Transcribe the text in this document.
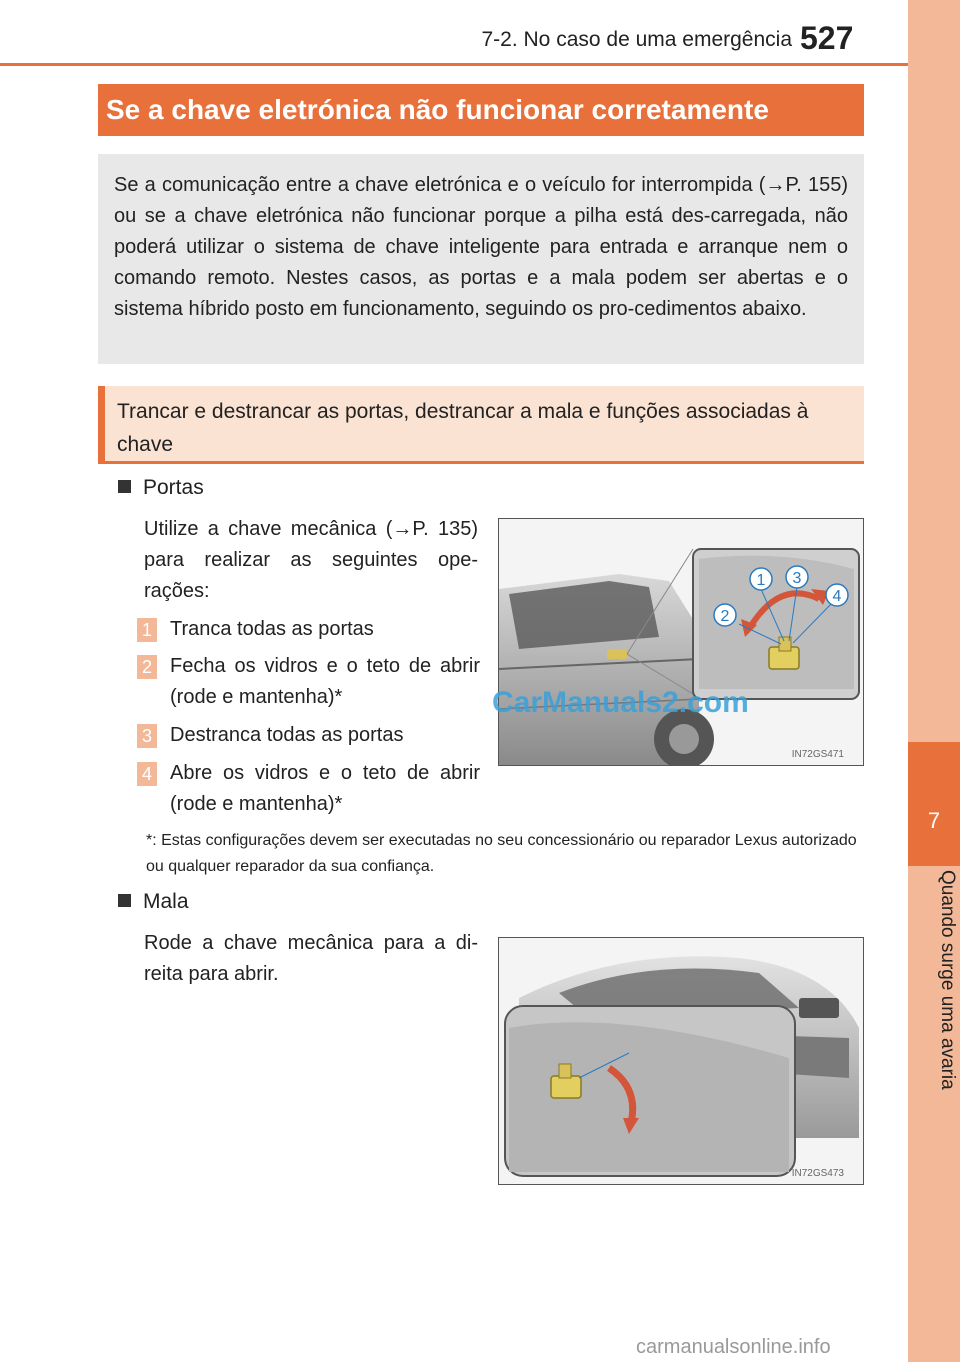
7-2. No caso de uma emergência 527
7
Quando surge uma avaria
Se a chave eletrónica não funcionar corretamente
Se a comunicação entre a chave eletrónica e o veículo for interrompida (→P. 155) ou se a chave eletrónica não funcionar porque a pilha está des-carregada, não poderá utilizar o sistema de chave inteligente para entrada e arranque nem o comando remoto. Nestes casos, as portas e a mala podem ser abertas e o sistema híbrido posto em funcionamento, seguindo os pro-cedimentos abaixo.
Trancar e destrancar as portas, destrancar a mala e funções associadas à chave
Portas
Utilize a chave mecânica (→P. 135) para realizar as seguintes ope-rações:
1 Tranca todas as portas
2 Fecha os vidros e o teto de abrir (rode e mantenha)*
3 Destranca todas as portas
4 Abre os vidros e o teto de abrir (rode e mantenha)*
*: Estas configurações devem ser executadas no seu concessionário ou reparador Lexus autorizado ou qualquer reparador da sua confiança.
2
1 3
4
IN72GS471
CarManuals2.com
Mala
Rode a chave mecânica para a di-reita para abrir.
IN72GS473
carmanualsonline.info
